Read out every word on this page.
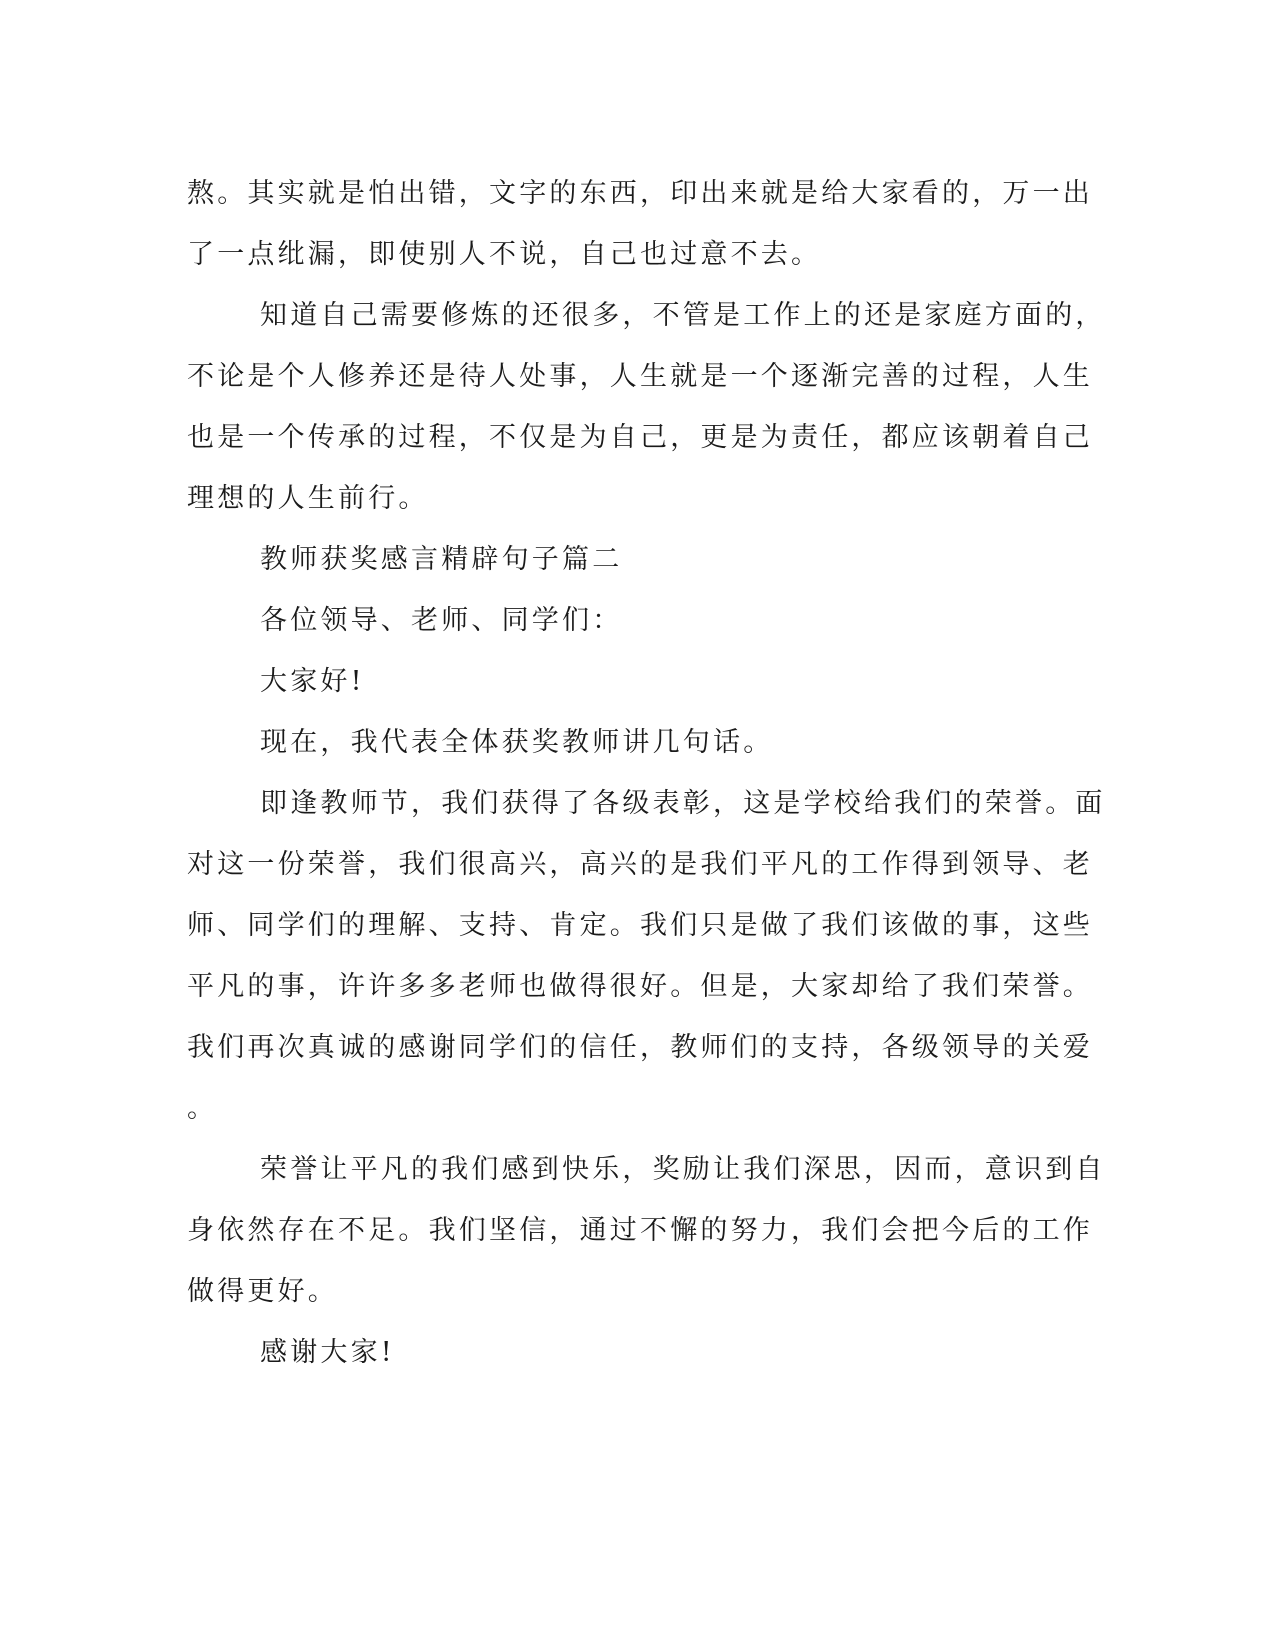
熬。其实就是怕出错，文字的东西，印出来就是给大家看的，万一出
了一点纰漏，即使别人不说，自己也过意不去。

知道自己需要修炼的还很多，不管是工作上的还是家庭方面的，
不论是个人修养还是待人处事，人生就是一个逐渐完善的过程，人生
也是一个传承的过程，不仅是为自己，更是为责任，都应该朝着自己
理想的人生前行。

教师获奖感言精辟句子篇二

各位领导、老师、同学们：

大家好!

现在，我代表全体获奖教师讲几句话。

即逢教师节，我们获得了各级表彰，这是学校给我们的荣誉。面
对这一份荣誉，我们很高兴，高兴的是我们平凡的工作得到领导、老
师、同学们的理解、支持、肯定。我们只是做了我们该做的事，这些
平凡的事，许许多多老师也做得很好。但是，大家却给了我们荣誉。
我们再次真诚的感谢同学们的信任，教师们的支持，各级领导的关爱
。

荣誉让平凡的我们感到快乐，奖励让我们深思，因而，意识到自
身依然存在不足。我们坚信，通过不懈的努力，我们会把今后的工作
做得更好。

感谢大家!
